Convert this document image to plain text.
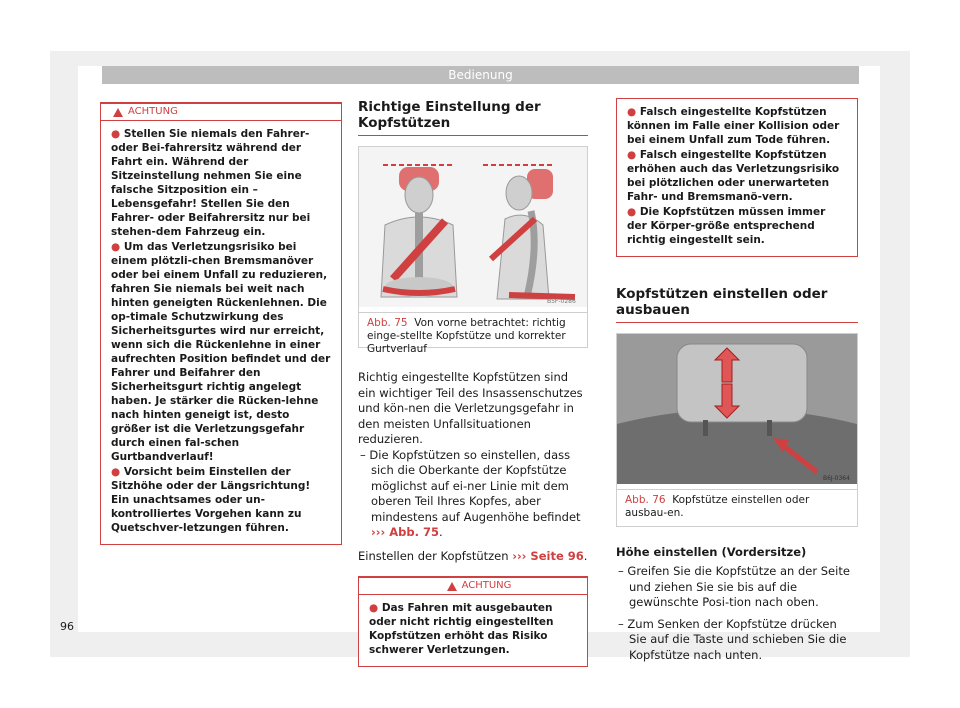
Bedienung
ACHTUNG

● Stellen Sie niemals den Fahrer- oder Bei-fahrersitz während der Fahrt ein. Während der Sitzeinstellung nehmen Sie eine falsche Sitzposition ein – Lebensgefahr! Stellen Sie den Fahrer- oder Beifahrersitz nur bei stehen-dem Fahrzeug ein.

● Um das Verletzungsrisiko bei einem plötzli-chen Bremsmanöver oder bei einem Unfall zu reduzieren, fahren Sie niemals bei weit nach hinten geneigten Rückenlehnen. Die op-timale Schutzwirkung des Sicherheitsgurtes wird nur erreicht, wenn sich die Rückenlehne in einer aufrechten Position befindet und der Fahrer und Beifahrer den Sicherheitsgurt richtig angelegt haben. Je stärker die Rücken-lehne nach hinten geneigt ist, desto größer ist die Verletzungsgefahr durch einen fal-schen Gurtbandverlauf!

● Vorsicht beim Einstellen der Sitzhöhe oder der Längsrichtung! Ein unachtsames oder un-kontrolliertes Vorgehen kann zu Quetschver-letzungen führen.

Richtige Einstellung der Kopfstützen
B5F-0286
Abb. 75 Von vorne betrachtet: richtig einge-stellte Kopfstütze und korrekter Gurtverlauf

Richtig eingestellte Kopfstützen sind ein wichtiger Teil des Insassenschutzes und kön-nen die Verletzungsgefahr in den meisten Unfallsituationen reduzieren.

– Die Kopfstützen so einstellen, dass sich die Oberkante der Kopfstütze möglichst auf ei-ner Linie mit dem oberen Teil Ihres Kopfes, aber mindestens auf Augenhöhe befindet ››› Abb. 75.

Einstellen der Kopfstützen ››› Seite 96.

ACHTUNG

● Das Fahren mit ausgebauten oder nicht richtig eingestellten Kopfstützen erhöht das Risiko schwerer Verletzungen.

● Falsch eingestellte Kopfstützen können im Falle einer Kollision oder bei einem Unfall zum Tode führen.

● Falsch eingestellte Kopfstützen erhöhen auch das Verletzungsrisiko bei plötzlichen oder unerwarteten Fahr- und Bremsmanö-vern.

● Die Kopfstützen müssen immer der Körper-größe entsprechend richtig eingestellt sein.

Kopfstützen einstellen oder ausbauen
B6J-0364
Abb. 76 Kopfstütze einstellen oder ausbau-en.

Höhe einstellen (Vordersitze)

– Greifen Sie die Kopfstütze an der Seite und ziehen Sie sie bis auf die gewünschte Posi-tion nach oben.

– Zum Senken der Kopfstütze drücken Sie auf die Taste und schieben Sie die Kopfstütze nach unten.

96
